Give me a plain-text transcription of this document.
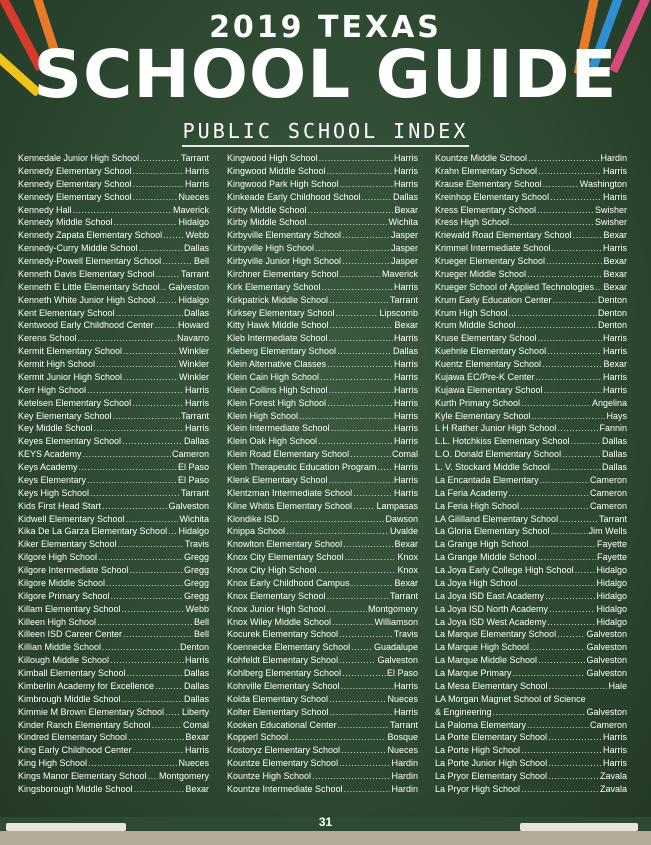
2019 TEXAS
SCHOOL GUIDE
PUBLIC SCHOOL INDEX
Kennedale Junior High School .....	Tarrant
Kennedy Elementary School .....	Harris
Kennedy Elementary School .....	Harris
Kennedy Elementary School .....	Nueces
Kennedy Hall .....	Maverick
Kennedy Middle School .....	Hidalgo
Kennedy Zapata Elementary School .....	Webb
Kennedy-Curry Middle School .....	Dallas
Kennedy-Powell Elementary School .....	Bell
Kenneth Davis Elementary School .....	Tarrant
Kenneth E Little Elementary School ..... Galveston
Kenneth White Junior High School .....	Hidalgo
Kent Elementary School .....	Dallas
Kentwood Early Childhood Center .....	Howard
Kerens School .....	Navarro
Kermit Elementary School .....	Winkler
Kermit High School .....	Winkler
Kermit Junior High School .....	Winkler
Kerr High School .....	Harris
Ketelsen Elementary School .....	Harris
Key Elementary School .....	Tarrant
Key Middle School .....	Harris
Keyes Elementary School .....	Dallas
KEYS Academy .....	Cameron
Keys Academy .....	El Paso
Keys Elementary .....	El Paso
Keys High School .....	Tarrant
Kids First Head Start .....	Galveston
Kidwell Elementary School .....	Wichita
Kika De La Garza Elementary School ..... Hidalgo
Kiker Elementary School .....	Travis
Kilgore High School .....	Gregg
Kilgore Intermediate School .....	Gregg
Kilgore Middle School .....	Gregg
Kilgore Primary School .....	Gregg
Killam Elementary School .....	Webb
Killeen High School .....	Bell
Killeen ISD Career Center .....	Bell
Killian Middle School .....	Denton
Killough Middle School .....	Harris
Kimball Elementary School .....	Dallas
Kimberlin Academy for Excellence .....	Dallas
Kimbrough Middle School .....	Dallas
Kimmie M Brown Elementary School ..... Liberty
Kinder Ranch Elementary School .....	Comal
Kindred Elementary School .....	Bexar
King Early Childhood Center .....	Harris
King High School .....	Nueces
Kings Manor Elementary School ..... Montgomery
Kingsborough Middle School .....	Bexar
Kingwood High School .....	Harris
Kingwood Middle School .....	Harris
Kingwood Park High School .....	Harris
Kinkeade Early Childhood School .....	Dallas
Kirby Middle School .....	Bexar
Kirby Middle School .....	Wichita
Kirbyville Elementary School .....	Jasper
Kirbyville High School .....	Jasper
Kirbyville Junior High School .....	Jasper
Kirchner Elementary School .....	Maverick
Kirk Elementary School .....	Harris
Kirkpatrick Middle School .....	Tarrant
Kirksey Elementary School .....	Lipscomb
Kitty Hawk Middle School .....	Bexar
Kleb Intermediate School .....	Harris
Kleberg Elementary School .....	Dallas
Klein Alternative Classes .....	Harris
Klein Cain High School .....	Harris
Klein Collins High School .....	Harris
Klein Forest High School .....	Harris
Klein High School .....	Harris
Klein Intermediate School .....	Harris
Klein Oak High School .....	Harris
Klein Road Elementary School .....	Comal
Klein Therapeutic Education Program ..... Harris
Klenk Elementary School .....	Harris
Klentzman Intermediate School .....	Harris
Kline Whitis Elementary School .....	Lampasas
Klondike ISD .....	Dawson
Knippa School .....	Uvalde
Knowlton Elementary School .....	Bexar
Knox City Elementary School .....	Knox
Knox City High School .....	Knox
Knox Early Childhood Campus .....	Bexar
Knox Elementary School .....	Tarrant
Knox Junior High School .....	Montgomery
Knox Wiley Middle School .....	Williamson
Kocurek Elementary School .....	Travis
Koennecke Elementary School .....	Guadalupe
Kohfeldt Elementary School .....	Galveston
Kohlberg Elementary School .....	El Paso
Kohrville Elementary School .....	Harris
Kolda Elementary School .....	Nueces
Kolter Elementary School .....	Harris
Kooken Educational Center .....	Tarrant
Kopperl School .....	Bosque
Kostoryz Elementary School .....	Nueces
Kountze Elementary School .....	Hardin
Kountze High School .....	Hardin
Kountze Intermediate School .....	Hardin
Kountze Middle School .....	Hardin
Krahn Elementary School .....	Harris
Krause Elementary School .....	Washington
Kreinhop Elementary School .....	Harris
Kress Elementary School .....	Swisher
Kress High School .....	Swisher
Kriewald Road Elementary School .....	Bexar
Krimmel Intermediate School .....	Harris
Krueger Elementary School .....	Bexar
Krueger Middle School .....	Bexar
Krueger School of Applied Technologies ..... Bexar
Krum Early Education Center .....	Denton
Krum High School .....	Denton
Krum Middle School .....	Denton
Kruse Elementary School .....	Harris
Kuehnle Elementary School .....	Harris
Kuentz Elementary School .....	Bexar
Kujawa EC/Pre-K Center .....	Harris
Kujawa Elementary School .....	Harris
Kurth Primary School .....	Angelina
Kyle Elementary School .....	Hays
L H Rather Junior High School .....	Fannin
L.L. Hotchkiss Elementary School .....	Dallas
L.O. Donald Elementary School .....	Dallas
L. V. Stockard Middle School .....	Dallas
La Encantada Elementary .....	Cameron
La Feria Academy .....	Cameron
La Feria High School .....	Cameron
LA Gililland Elementary School .....	Tarrant
La Gloria Elementary School .....	Jim Wells
La Grange High School .....	Fayette
La Grange Middle School .....	Fayette
La Joya Early College High School .....	Hidalgo
La Joya High School .....	Hidalgo
La Joya ISD East Academy .....	Hidalgo
La Joya ISD North Academy .....	Hidalgo
La Joya ISD West Academy .....	Hidalgo
La Marque Elementary School .....	Galveston
La Marque High School .....	Galveston
La Marque Middle School .....	Galveston
La Marque Primary .....	Galveston
La Mesa Elementary School .....	Hale
LA Morgan Magnet School of Science
& Engineering .....	Galveston
La Paloma Elementary .....	Cameron
La Porte Elementary School .....	Harris
La Porte High School .....	Harris
La Porte Junior High School .....	Harris
La Pryor Elementary School .....	Zavala
La Pryor High School .....	Zavala
31
